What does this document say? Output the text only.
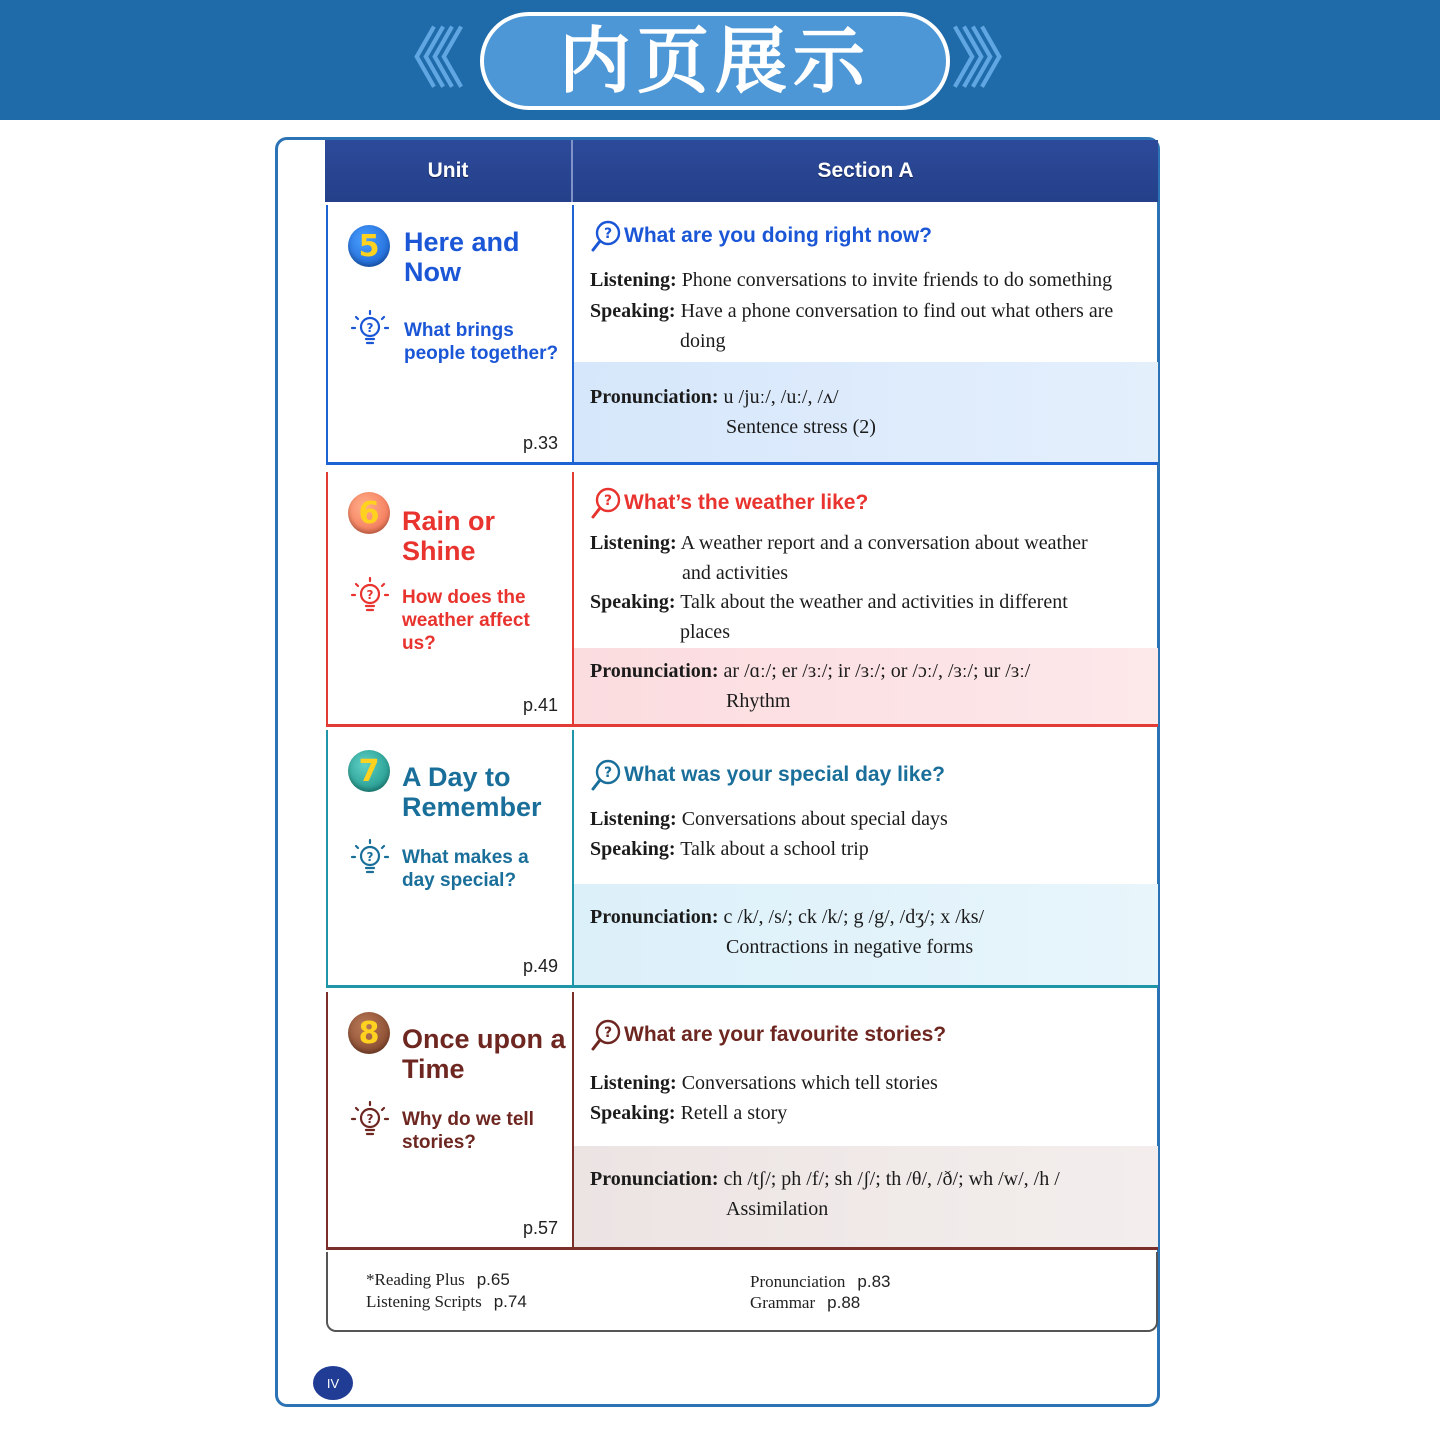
《《 内页展示 》》
Unit	Section A
5 Here and
Now
? What brings
people together?
p.33
? What are you doing right now?
Listening: Phone conversations to invite friends to do something
Speaking: Have a phone conversation to find out what others are
doing
Pronunciation: u /juː/, /uː/, /ʌ/
Sentence stress (2)
6 Rain or
Shine
? How does the
weather affect
us?
p.41
? What’s the weather like?
Listening: A weather report and a conversation about weather
and activities
Speaking: Talk about the weather and activities in different
places
Pronunciation: ar /ɑː/; er /ɜː/; ir /ɜː/; or /ɔː/, /ɜː/; ur /ɜː/
Rhythm
7 A Day to
Remember
? What makes a
day special?
p.49
? What was your special day like?
Listening: Conversations about special days
Speaking: Talk about a school trip
Pronunciation: c /k/, /s/; ck /k/; g /g/, /dʒ/; x /ks/
Contractions in negative forms
8 Once upon a
Time
? Why do we tell
stories?
p.57
? What are your favourite stories?
Listening: Conversations which tell stories
Speaking: Retell a story
Pronunciation: ch /tʃ/; ph /f/; sh /ʃ/; th /θ/, /ð/; wh /w/, /h /
Assimilation
*Reading Plus p.65
Listening Scripts p.74
Pronunciation p.83
Grammar p.88
IV
